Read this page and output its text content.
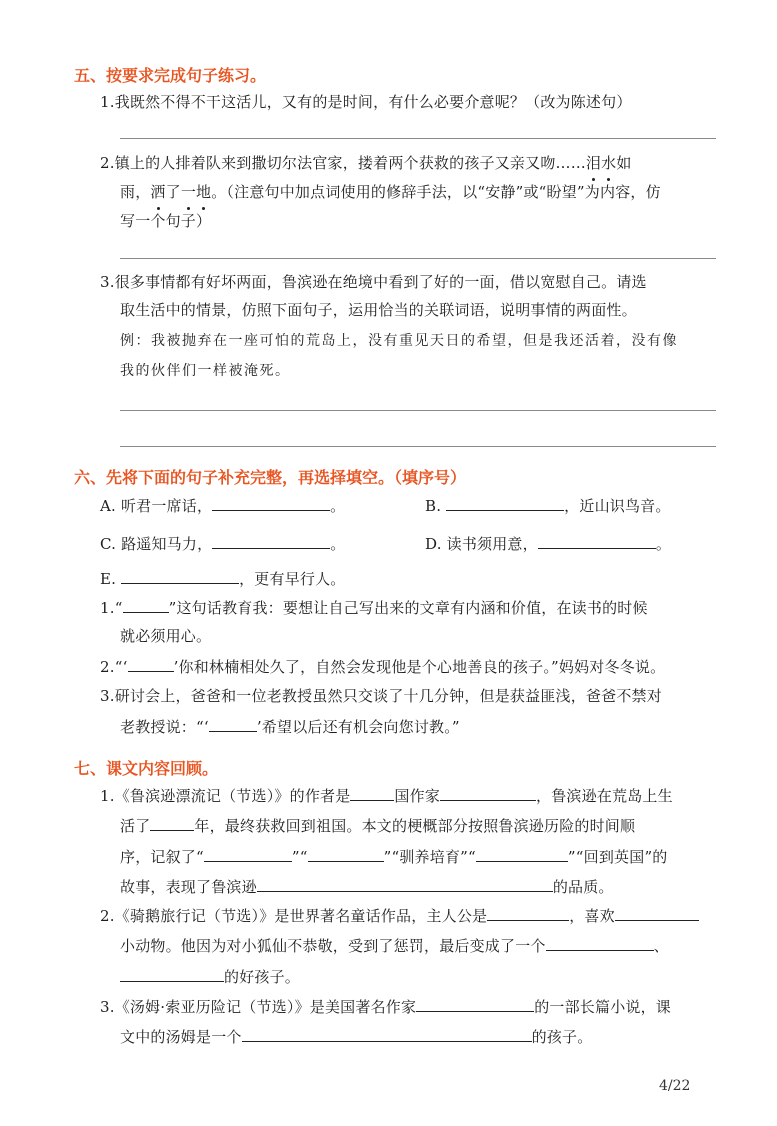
五、按要求完成句子练习。
1.我既然不得不干这活儿，又有的是时间，有什么必要介意呢？（改为陈述句）
2.镇上的人排着队来到撒切尔法官家，搂着两个获救的孩子又亲又吻……泪水如
雨，洒了一地。（注意句中加点词使用的修辞手法，以“安静”或“盼望”为内容，仿
写一个句子）
3.很多事情都有好坏两面，鲁滨逊在绝境中看到了好的一面，借以宽慰自己。请选
取生活中的情景，仿照下面句子，运用恰当的关联词语，说明事情的两面性。
例：我被抛弃在一座可怕的荒岛上，没有重见天日的希望，但是我还活着，没有像
我的伙伴们一样被淹死。
六、先将下面的句子补充完整，再选择填空。（填序号）
A. 听君一席话，	。	B.	，近山识鸟音。
C. 路遥知马力，	。	D. 读书须用意，	。
E.	，更有早行人。
1.“	”这句话教育我：要想让自己写出来的文章有内涵和价值，在读书的时候
就必须用心。
2.“‘	’你和林楠相处久了，自然会发现他是个心地善良的孩子。”妈妈对冬冬说。
3.研讨会上，爸爸和一位老教授虽然只交谈了十几分钟，但是获益匪浅，爸爸不禁对
老教授说：“‘	’希望以后还有机会向您讨教。”
七、课文内容回顾。
1.《鲁滨逊漂流记（节选）》的作者是	国作家	，鲁滨逊在荒岛上生
活了	年，最终获救回到祖国。本文的梗概部分按照鲁滨逊历险的时间顺
序，记叙了“	”“	”“驯养培育”“	”“回到英国”的
故事，表现了鲁滨逊	的品质。
2.《骑鹅旅行记（节选）》是世界著名童话作品，主人公是	，喜欢
小动物。他因为对小狐仙不恭敬，受到了惩罚，最后变成了一个	、
的好孩子。
3.《汤姆·索亚历险记（节选）》是美国著名作家	的一部长篇小说，课
文中的汤姆是一个	的孩子。
4/22
